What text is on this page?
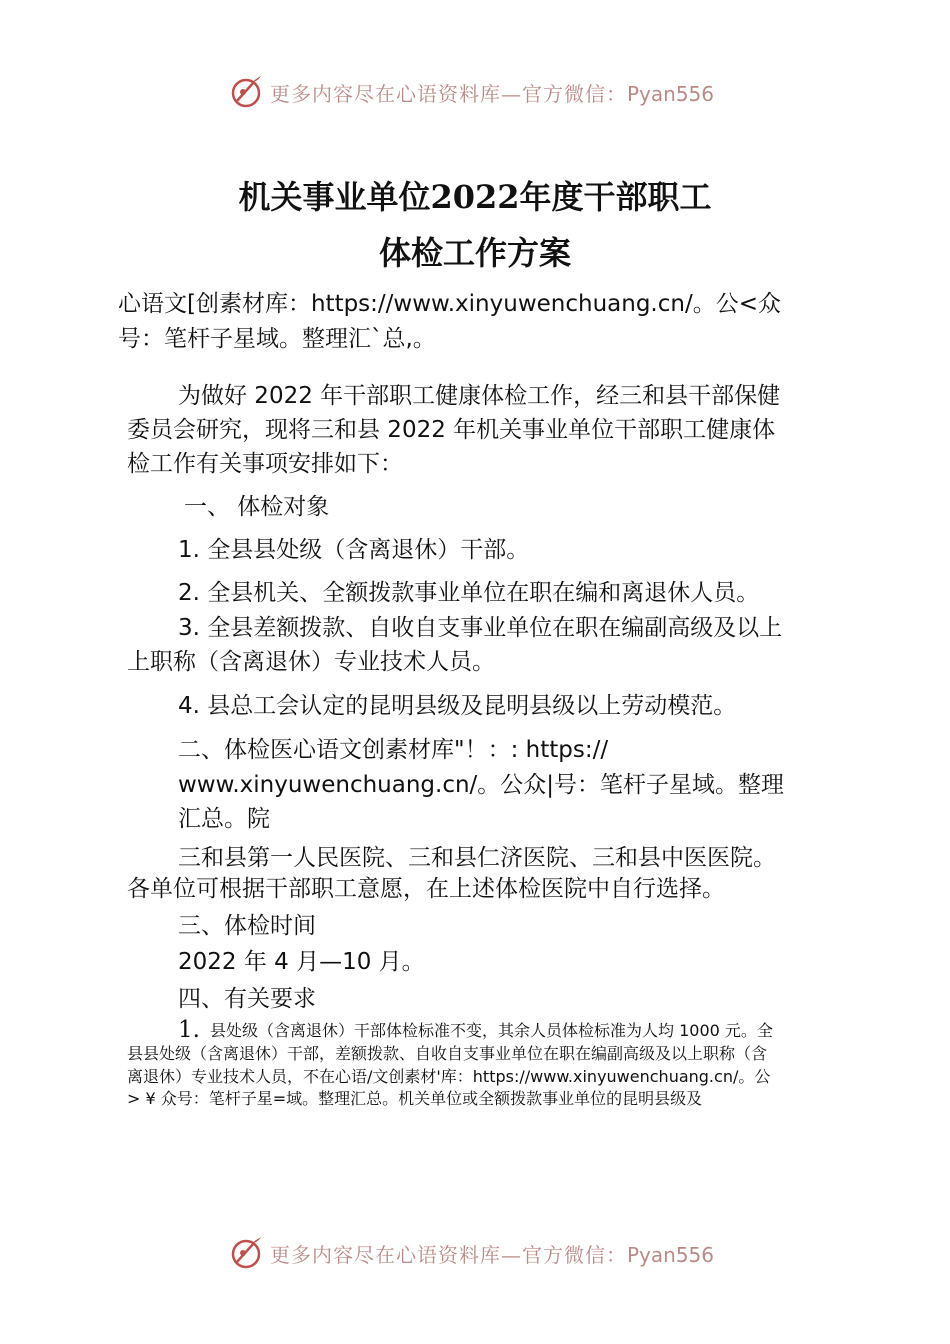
更多内容尽在心语资料库—官方微信：Pyan556
机关事业单位2022年度干部职工
体检工作方案
心语文[创素材库：https://www.xinyuwenchuang.cn/。公<众
号：笔杆子星域。整理汇`总,。
为做好 2022 年干部职工健康体检工作，经三和县干部保健
委员会研究，现将三和县 2022 年机关事业单位干部职工健康体
检工作有关事项安排如下：
一、 体检对象
1. 全县县处级（含离退休）干部。
2. 全县机关、全额拨款事业单位在职在编和离退休人员。
3. 全县差额拨款、自收自支事业单位在职在编副高级及以上
上职称（含离退休）专业技术人员。
4. 县总工会认定的昆明县级及昆明县级以上劳动模范。
二、体检医心语文创素材库"！：: https://
www.xinyuwenchuang.cn/。公众|号：笔杆子星域。整理
汇总。院
三和县第一人民医院、三和县仁济医院、三和县中医医院。
各单位可根据干部职工意愿，在上述体检医院中自行选择。
三、体检时间
2022 年 4 月—10 月。
四、有关要求
1. 县处级（含离退休）干部体检标准不变，其余人员体检标准为人均 1000 元。全
县县处级（含离退休）干部，差额拨款、自收自支事业单位在职在编副高级及以上职称（含
离退休）专业技术人员，不在心语/文创素材'库：https://www.xinyuwenchuang.cn/。公
> ¥ 众号：笔杆子星=域。整理汇总。机关单位或全额拨款事业单位的昆明县级及
更多内容尽在心语资料库—官方微信：Pyan556
